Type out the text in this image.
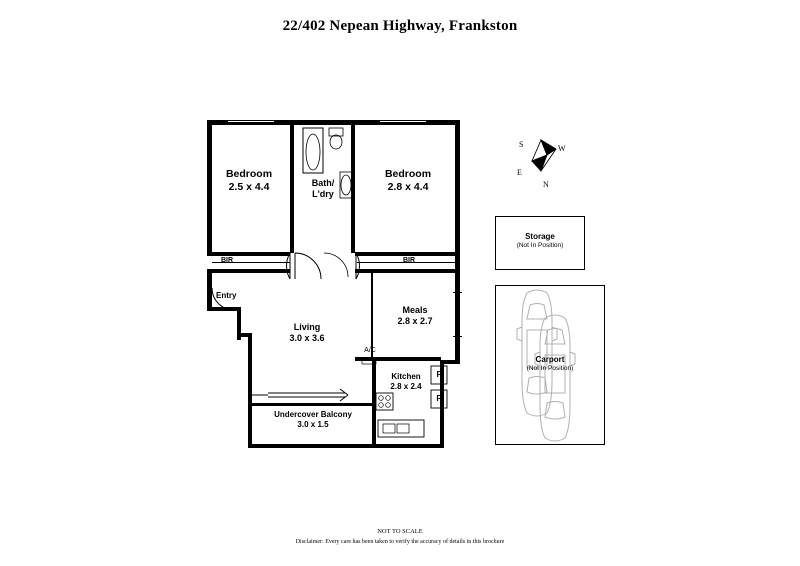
22/402 Nepean Highway, Frankston
Bedroom
2.5 x 4.4
Bedroom
2.8 x 4.4
Bath/
L'dry
Meals
2.8 x 2.7
Living
3.0 x 3.6
Kitchen
2.8 x 2.4
Undercover Balcony
3.0 x 1.5
Entry
BIR	BIR
A/C
F
P
Storage
(Not In Position)
Carport
(Not In Position)
S	W
E
N
NOT TO SCALE
Disclaimer: Every care has been taken to verify the accuracy of details in this brochure
